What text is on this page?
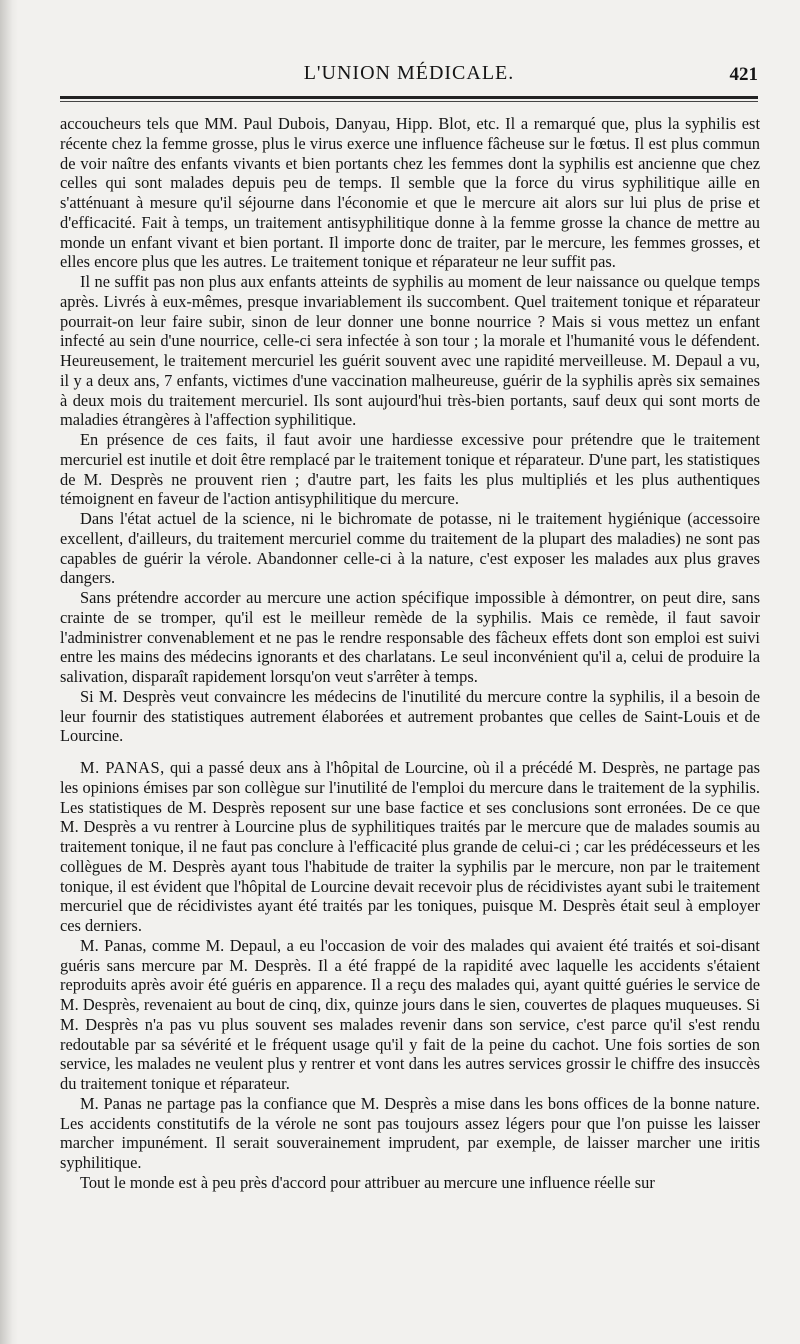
L'UNION MÉDICALE.	421

accoucheurs tels que MM. Paul Dubois, Danyau, Hipp. Blot, etc. Il a remarqué que, plus la syphilis est récente chez la femme grosse, plus le virus exerce une influence fâcheuse sur le fœtus. Il est plus commun de voir naître des enfants vivants et bien portants chez les femmes dont la syphilis est ancienne que chez celles qui sont malades depuis peu de temps. Il semble que la force du virus syphilitique aille en s'atténuant à mesure qu'il séjourne dans l'économie et que le mercure ait alors sur lui plus de prise et d'efficacité. Fait à temps, un traitement antisyphilitique donne à la femme grosse la chance de mettre au monde un enfant vivant et bien portant. Il importe donc de traiter, par le mercure, les femmes grosses, et elles encore plus que les autres. Le traitement tonique et réparateur ne leur suffit pas.

Il ne suffit pas non plus aux enfants atteints de syphilis au moment de leur naissance ou quelque temps après. Livrés à eux-mêmes, presque invariablement ils succombent. Quel traitement tonique et réparateur pourrait-on leur faire subir, sinon de leur donner une bonne nourrice ? Mais si vous mettez un enfant infecté au sein d'une nourrice, celle-ci sera infectée à son tour ; la morale et l'humanité vous le défendent. Heureusement, le traitement mercuriel les guérit souvent avec une rapidité merveilleuse. M. Depaul a vu, il y a deux ans, 7 enfants, victimes d'une vaccination malheureuse, guérir de la syphilis après six semaines à deux mois du traitement mercuriel. Ils sont aujourd'hui très-bien portants, sauf deux qui sont morts de maladies étrangères à l'affection syphilitique.

En présence de ces faits, il faut avoir une hardiesse excessive pour prétendre que le traitement mercuriel est inutile et doit être remplacé par le traitement tonique et réparateur. D'une part, les statistiques de M. Desprès ne prouvent rien ; d'autre part, les faits les plus multipliés et les plus authentiques témoignent en faveur de l'action antisyphilitique du mercure.

Dans l'état actuel de la science, ni le bichromate de potasse, ni le traitement hygiénique (accessoire excellent, d'ailleurs, du traitement mercuriel comme du traitement de la plupart des maladies) ne sont pas capables de guérir la vérole. Abandonner celle-ci à la nature, c'est exposer les malades aux plus graves dangers.

Sans prétendre accorder au mercure une action spécifique impossible à démontrer, on peut dire, sans crainte de se tromper, qu'il est le meilleur remède de la syphilis. Mais ce remède, il faut savoir l'administrer convenablement et ne pas le rendre responsable des fâcheux effets dont son emploi est suivi entre les mains des médecins ignorants et des charlatans. Le seul inconvénient qu'il a, celui de produire la salivation, disparaît rapidement lorsqu'on veut s'arrêter à temps.

Si M. Desprès veut convaincre les médecins de l'inutilité du mercure contre la syphilis, il a besoin de leur fournir des statistiques autrement élaborées et autrement probantes que celles de Saint-Louis et de Lourcine.

M. PANAS, qui a passé deux ans à l'hôpital de Lourcine, où il a précédé M. Desprès, ne partage pas les opinions émises par son collègue sur l'inutilité de l'emploi du mercure dans le traitement de la syphilis. Les statistiques de M. Desprès reposent sur une base factice et ses conclusions sont erronées. De ce que M. Desprès a vu rentrer à Lourcine plus de syphilitiques traités par le mercure que de malades soumis au traitement tonique, il ne faut pas conclure à l'efficacité plus grande de celui-ci ; car les prédécesseurs et les collègues de M. Desprès ayant tous l'habitude de traiter la syphilis par le mercure, non par le traitement tonique, il est évident que l'hôpital de Lourcine devait recevoir plus de récidivistes ayant subi le traitement mercuriel que de récidivistes ayant été traités par les toniques, puisque M. Desprès était seul à employer ces derniers.

M. Panas, comme M. Depaul, a eu l'occasion de voir des malades qui avaient été traités et soi-disant guéris sans mercure par M. Desprès. Il a été frappé de la rapidité avec laquelle les accidents s'étaient reproduits après avoir été guéris en apparence. Il a reçu des malades qui, ayant quitté guéries le service de M. Desprès, revenaient au bout de cinq, dix, quinze jours dans le sien, couvertes de plaques muqueuses. Si M. Desprès n'a pas vu plus souvent ses malades revenir dans son service, c'est parce qu'il s'est rendu redoutable par sa sévérité et le fréquent usage qu'il y fait de la peine du cachot. Une fois sorties de son service, les malades ne veulent plus y rentrer et vont dans les autres services grossir le chiffre des insuccès du traitement tonique et réparateur.

M. Panas ne partage pas la confiance que M. Desprès a mise dans les bons offices de la bonne nature. Les accidents constitutifs de la vérole ne sont pas toujours assez légers pour que l'on puisse les laisser marcher impunément. Il serait souverainement imprudent, par exemple, de laisser marcher une iritis syphilitique.

Tout le monde est à peu près d'accord pour attribuer au mercure une influence réelle sur
